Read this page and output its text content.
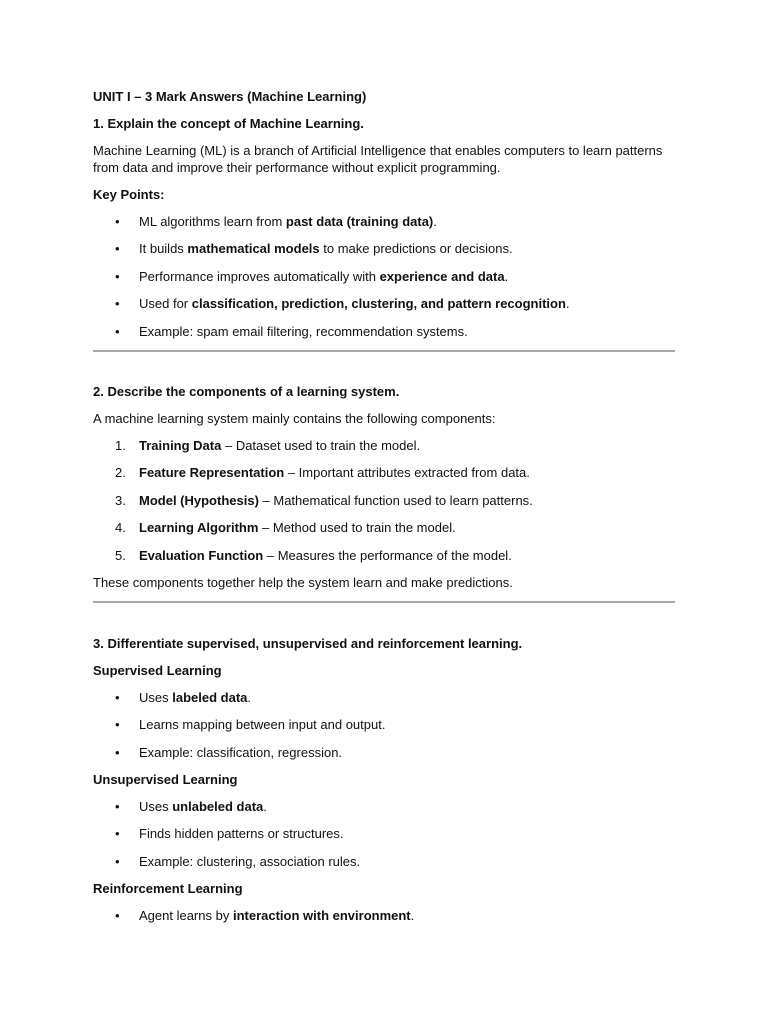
UNIT I – 3 Mark Answers (Machine Learning)

1. Explain the concept of Machine Learning.

Machine Learning (ML) is a branch of Artificial Intelligence that enables computers to learn patterns from data and improve their performance without explicit programming.

Key Points:

• ML algorithms learn from past data (training data).
• It builds mathematical models to make predictions or decisions.
• Performance improves automatically with experience and data.
• Used for classification, prediction, clustering, and pattern recognition.
• Example: spam email filtering, recommendation systems.

2. Describe the components of a learning system.

A machine learning system mainly contains the following components:

1. Training Data – Dataset used to train the model.
2. Feature Representation – Important attributes extracted from data.
3. Model (Hypothesis) – Mathematical function used to learn patterns.
4. Learning Algorithm – Method used to train the model.
5. Evaluation Function – Measures the performance of the model.

These components together help the system learn and make predictions.

3. Differentiate supervised, unsupervised and reinforcement learning.

Supervised Learning

• Uses labeled data.
• Learns mapping between input and output.
• Example: classification, regression.

Unsupervised Learning

• Uses unlabeled data.
• Finds hidden patterns or structures.
• Example: clustering, association rules.

Reinforcement Learning

• Agent learns by interaction with environment.
